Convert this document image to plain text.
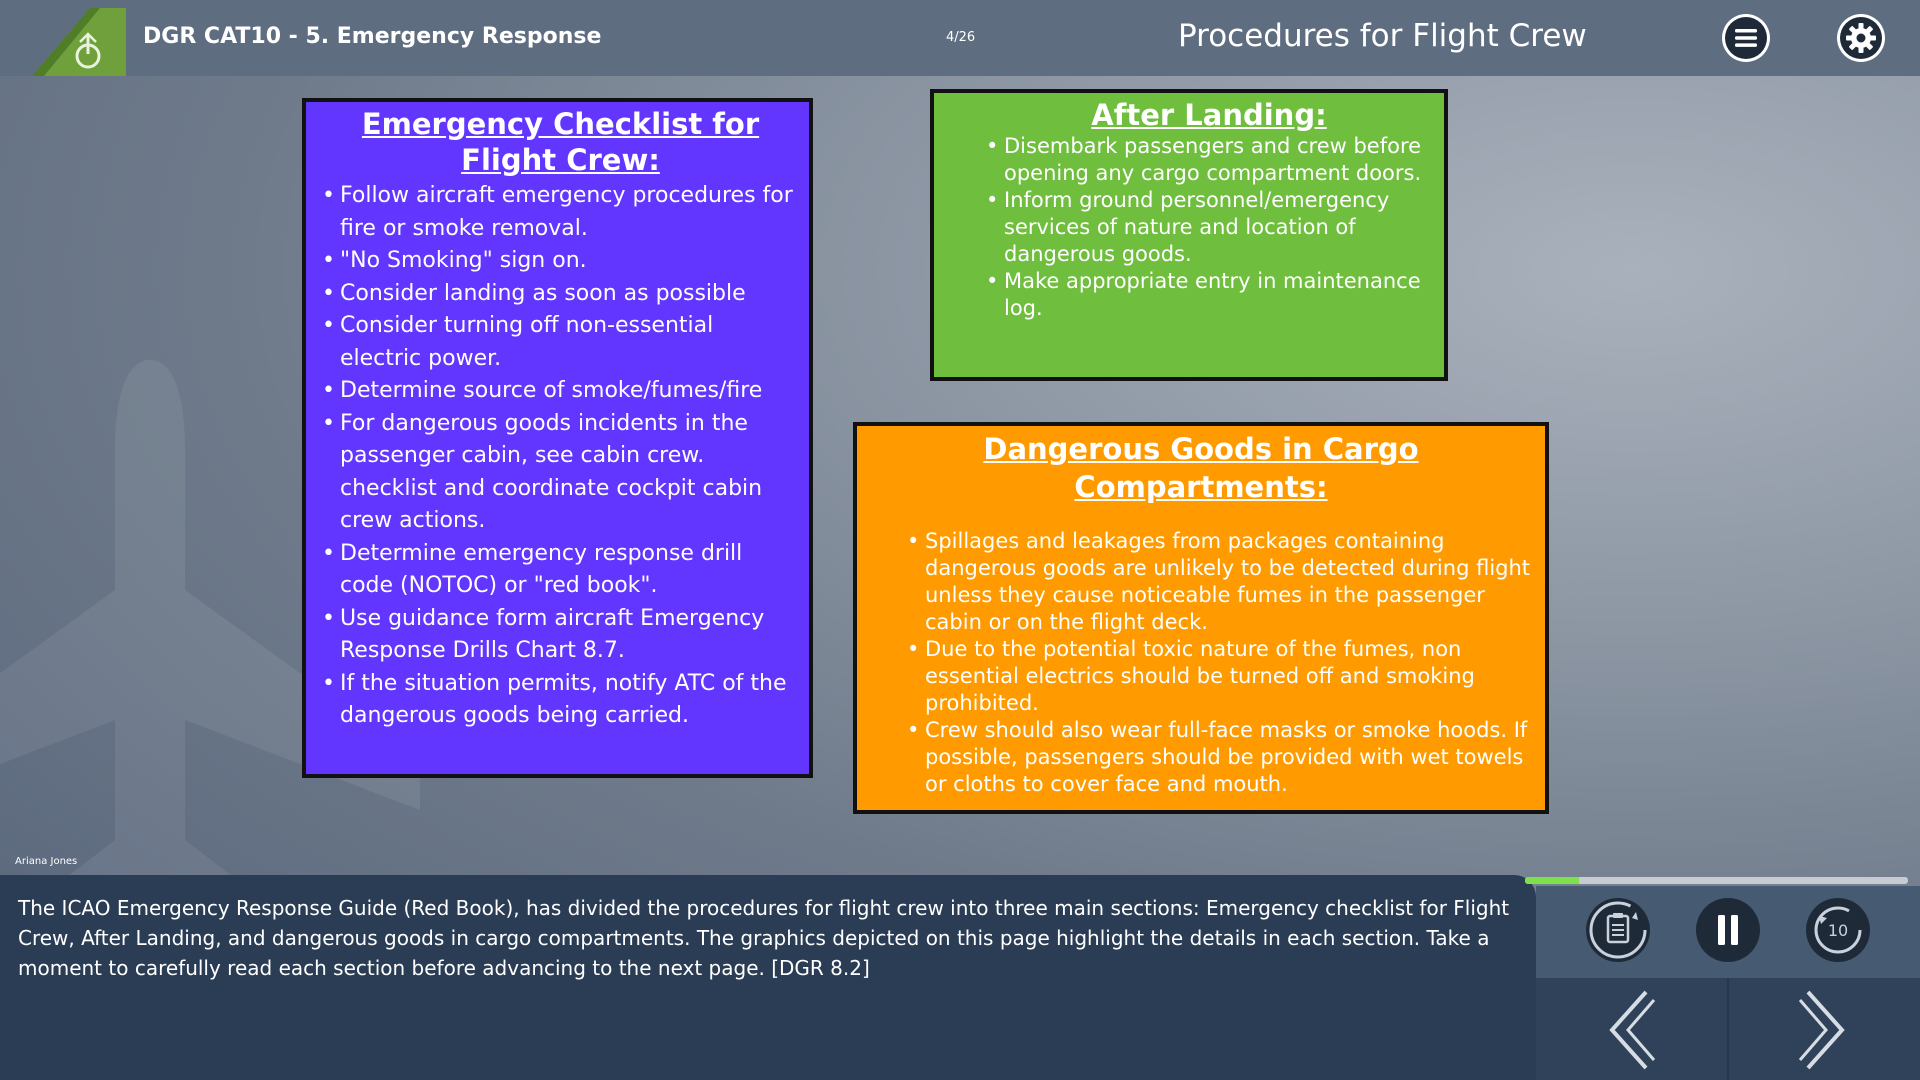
DGR CAT10 - 5. Emergency Response	4/26	Procedures for Flight Crew
Emergency Checklist for Flight Crew:
• Follow aircraft emergency procedures for fire or smoke removal.
• "No Smoking" sign on.
• Consider landing as soon as possible
• Consider turning off non-essential electric power.
• Determine source of smoke/fumes/fire
• For dangerous goods incidents in the passenger cabin, see cabin crew. checklist and coordinate cockpit cabin crew actions.
• Determine emergency response drill code (NOTOC) or "red book".
• Use guidance form aircraft Emergency Response Drills Chart 8.7.
• If the situation permits, notify ATC of the dangerous goods being carried.
After Landing:
• Disembark passengers and crew before opening any cargo compartment doors.
• Inform ground personnel/emergency services of nature and location of dangerous goods.
• Make appropriate entry in maintenance log.
Dangerous Goods in Cargo Compartments:
• Spillages and leakages from packages containing dangerous goods are unlikely to be detected during flight unless they cause noticeable fumes in the passenger cabin or on the flight deck.
• Due to the potential toxic nature of the fumes, non essential electrics should be turned off and smoking prohibited.
• Crew should also wear full-face masks or smoke hoods. If possible, passengers should be provided with wet towels or cloths to cover face and mouth.
Ariana Jones

The ICAO Emergency Response Guide (Red Book), has divided the procedures for flight crew into three main sections: Emergency checklist for Flight Crew, After Landing, and dangerous goods in cargo compartments. The graphics depicted on this page highlight the details in each section. Take a moment to carefully read each section before advancing to the next page. [DGR 8.2]

10
